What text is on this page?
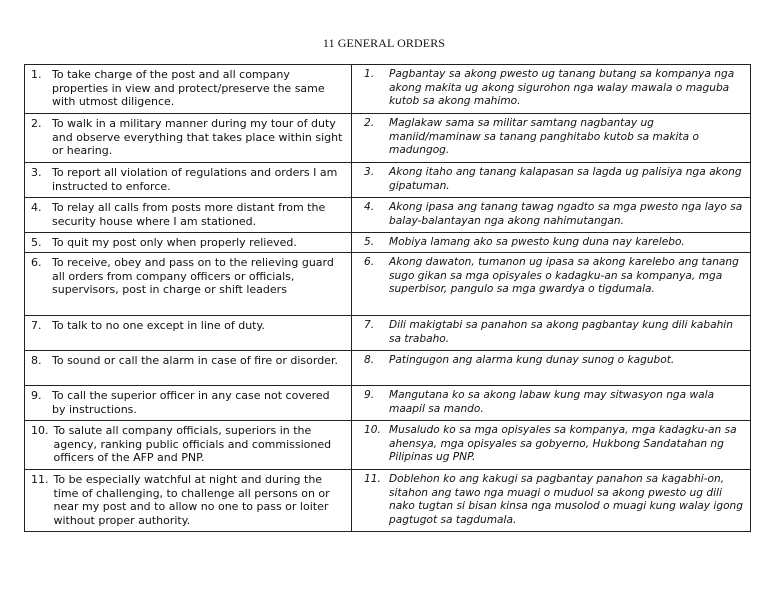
11 GENERAL ORDERS
1. To take charge of the post and all company properties in view and protect/preserve the same with utmost diligence.	1. Pagbantay sa akong pwesto ug tanang butang sa kompanya nga akong makita ug akong sigurohon nga walay mawala o maguba kutob sa akong mahimo.

2. To walk in a military manner during my tour of duty and observe everything that takes place within sight or hearing.	2. Maglakaw sama sa militar samtang nagbantay ug maniid/maminaw sa tanang panghitabo kutob sa makita o madungog.

3. To report all violation of regulations and orders I am instructed to enforce.	3. Akong itaho ang tanang kalapasan sa lagda ug palisiya nga akong gipatuman.

4. To relay all calls from posts more distant from the security house where I am stationed.	4. Akong ipasa ang tanang tawag ngadto sa mga pwesto nga layo sa balay-balantayan nga akong nahimutangan.

5. To quit my post only when properly relieved.	5. Mobiya lamang ako sa pwesto kung duna nay karelebo.

6. To receive, obey and pass on to the relieving guard all orders from company officers or officials, supervisors, post in charge or shift leaders	6. Akong dawaton, tumanon ug ipasa sa akong karelebo ang tanang sugo gikan sa mga opisyales o kadagku-an sa kompanya, mga superbisor, pangulo sa mga gwardya o tigdumala.

7. To talk to no one except in line of duty.	7. Dili makigtabi sa panahon sa akong pagbantay kung dili kabahin sa trabaho.

8. To sound or call the alarm in case of fire or disorder.	8. Patingugon ang alarma kung dunay sunog o kagubot.

9. To call the superior officer in any case not covered by instructions.	9. Mangutana ko sa akong labaw kung may sitwasyon nga wala maapil sa mando.

10. To salute all company officials, superiors in the agency, ranking public officials and commissioned officers of the AFP and PNP.	10. Musaludo ko sa mga opisyales sa kompanya, mga kadagku-an sa ahensya, mga opisyales sa gobyerno, Hukbong Sandatahan ng Pilipinas ug PNP.

11. To be especially watchful at night and during the time of challenging, to challenge all persons on or near my post and to allow no one to pass or loiter without proper authority.	11. Doblehon ko ang kakugi sa pagbantay panahon sa kagabhi-on, sitahon ang tawo nga muagi o muduol sa akong pwesto ug dili nako tugtan si bisan kinsa nga musolod o muagi kung walay igong pagtugot sa tagdumala.
